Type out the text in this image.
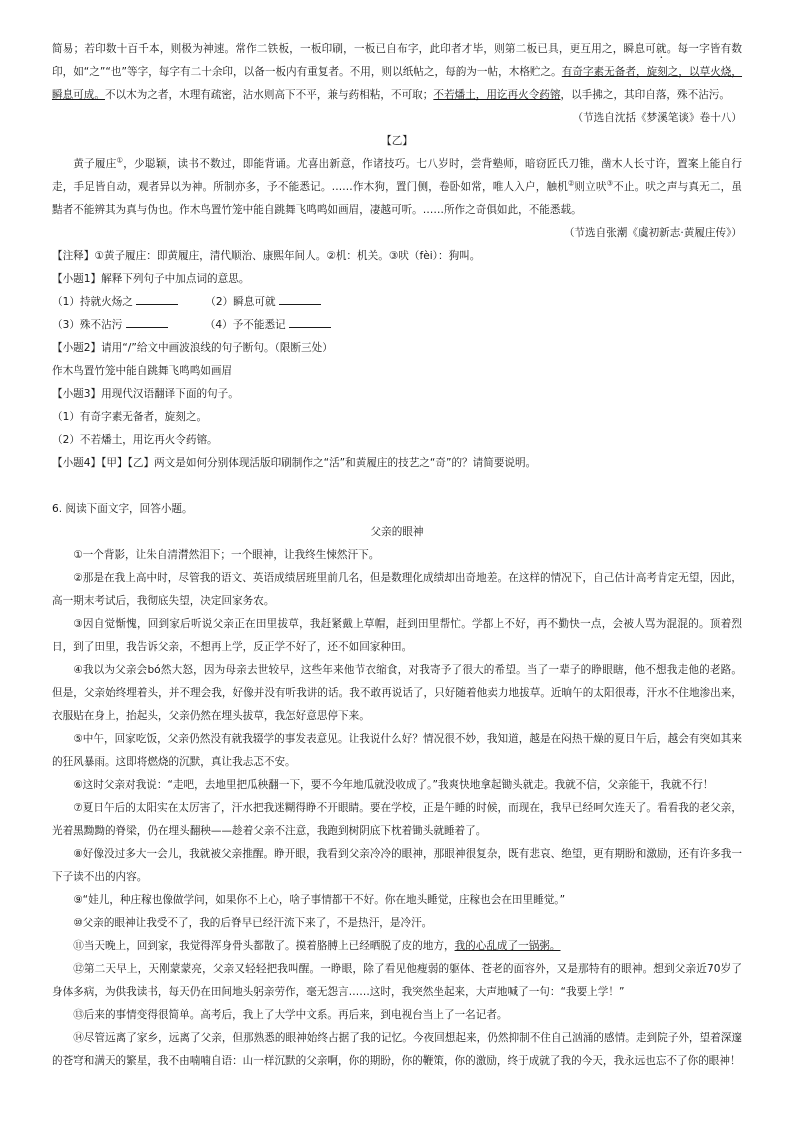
简易；若印数十百千本，则极为神速。常作二铁板，一板印刷，一板已自布字，此印者才毕，则第二板已具，更互用之，瞬息可就。每一字皆有数印，如“之”“也”等字，每字有二十余印，以备一板内有重复者。不用，则以纸帖之，每韵为一帖，木格贮之。有奇字素无备者，旋刻之，以草火烧，瞬息可成。不以木为之者，木理有疏密，沾水则高下不平，兼与药相粘，不可取；不若燔土，用讫再火令药镕，以手拂之，其印自落，殊不沾污。

（节选自沈括《梦溪笔谈》卷十八）

【乙】

黄子履庄①，少聪颖，读书不数过，即能背诵。尤喜出新意，作诸技巧。七八岁时，尝背塾师，暗窃匠氏刀锥，凿木人长寸许，置案上能自行走，手足皆自动，观者异以为神。所制亦多，予不能悉记。……作木狗，置门侧，卷卧如常，唯人入户，触机②则立吠③不止。吠之声与真无二，虽黠者不能辨其为真与伪也。作木鸟置竹笼中能自跳舞飞鸣鸣如画眉，凄越可听。……所作之奇俱如此，不能悉载。

（节选自张潮《虞初新志·黄履庄传》）

【注释】①黄子履庄：即黄履庄，清代顺治、康熙年间人。②机：机关。③吠（fèi）：狗叫。

【小题1】解释下列句子中加点词的意思。

（1）持就火炀之	（2）瞬息可就

（3）殊不沾污	（4）予不能悉记

【小题2】请用“/”给文中画波浪线的句子断句。（限断三处）

作木鸟置竹笼中能自跳舞飞鸣鸣如画眉

【小题3】用现代汉语翻译下面的句子。

（1）有奇字素无备者，旋刻之。

（2）不若燔土，用讫再火令药镕。

【小题4】【甲】【乙】两文是如何分别体现活版印刷制作之“活”和黄履庄的技艺之“奇”的？请简要说明。

6. 阅读下面文字，回答小题。

父亲的眼神

①一个背影，让朱自清潸然泪下；一个眼神，让我终生悚然汗下。

②那是在我上高中时，尽管我的语文、英语成绩居班里前几名，但是数理化成绩却出奇地差。在这样的情况下，自己估计高考肯定无望，因此，高一期末考试后，我彻底失望，决定回家务农。

③因自觉惭愧，回到家后听说父亲正在田里拔草，我赶紧戴上草帽，赶到田里帮忙。学都上不好，再不勤快一点，会被人骂为混混的。顶着烈日，到了田里，我告诉父亲，不想再上学，反正学不好了，还不如回家种田。

④我以为父亲会bó然大怒，因为母亲去世较早，这些年来他节衣缩食，对我寄予了很大的希望。当了一辈子的睁眼瞎，他不想我走他的老路。但是，父亲始终埋着头，并不理会我，好像并没有听我讲的话。我不敢再说话了，只好随着他卖力地拔草。近晌午的太阳很毒，汗水不住地渗出来，衣服贴在身上，抬起头，父亲仍然在埋头拔草，我怎好意思停下来。

⑤中午，回家吃饭，父亲仍然没有就我辍学的事发表意见。让我说什么好？情况很不妙，我知道，越是在闷热干燥的夏日午后，越会有突如其来的狂风暴雨。这即将燃烧的沉默，真让我忐忑不安。

⑥这时父亲对我说：“走吧，去地里把瓜秧翻一下，要不今年地瓜就没收成了。”我爽快地拿起锄头就走。我就不信，父亲能干，我就不行！

⑦夏日午后的太阳实在太厉害了，汗水把我迷糊得睁不开眼睛。要在学校，正是午睡的时候，而现在，我早已经呵欠连天了。看看我的老父亲，光着黑黝黝的脊梁，仍在埋头翻秧——趁着父亲不注意，我跑到树阴底下枕着锄头就睡着了。

⑧好像没过多大一会儿，我就被父亲推醒。睁开眼，我看到父亲冷冷的眼神，那眼神很复杂，既有悲哀、绝望，更有期盼和激励，还有许多我一下子读不出的内容。

⑨“娃儿，种庄稼也像做学问，如果你不上心，啥子事情都干不好。你在地头睡觉，庄稼也会在田里睡觉。”

⑩父亲的眼神让我受不了，我的后脊早已经汗流下来了，不是热汗，是冷汗。

⑪当天晚上，回到家，我觉得浑身骨头都散了。摸着胳膊上已经晒脱了皮的地方，我的心乱成了一锅粥。

⑫第二天早上，天刚蒙蒙亮，父亲又轻轻把我叫醒。一睁眼，除了看见他瘦弱的躯体、苍老的面容外，又是那特有的眼神。想到父亲近70岁了身体多病，为供我读书，每天仍在田间地头躬亲劳作，毫无怨言……这时，我突然坐起来，大声地喊了一句：“我要上学！”

⑬后来的事情变得很简单。高考后，我上了大学中文系。再后来，到电视台当上了一名记者。

⑭尽管远离了家乡，远离了父亲，但那熟悉的眼神始终占据了我的记忆。今夜回想起来，仍然抑制不住自己汹涌的感情。走到院子外，望着深邃的苍穹和满天的繁星，我不由喃喃自语：山一样沉默的父亲啊，你的期盼，你的鞭策，你的激励，终于成就了我的今天，我永远也忘不了你的眼神！
